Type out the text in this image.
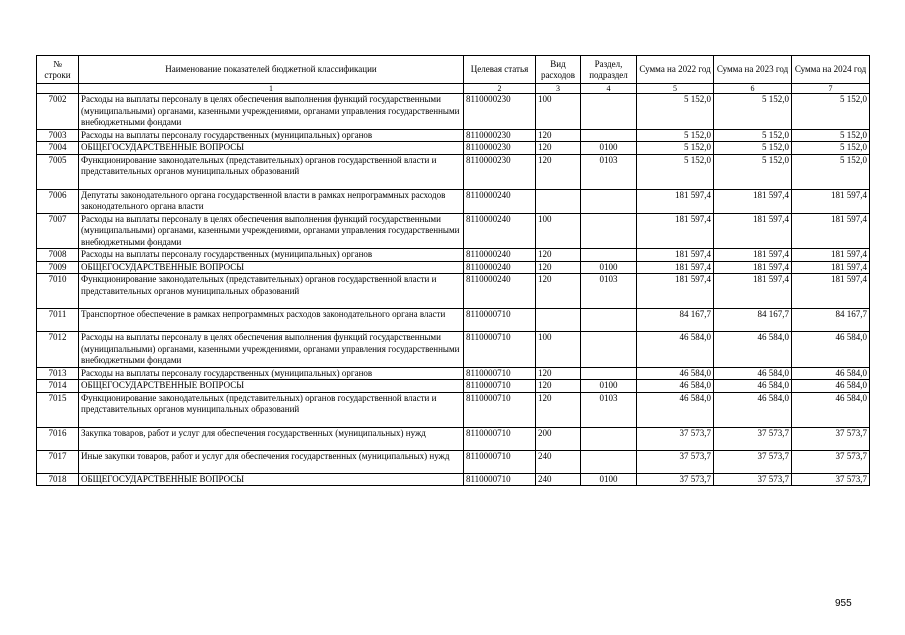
№ строки	Наименование показателей бюджетной классификации	Целевая статья	Вид расходов	Раздел, подраздел	Сумма на 2022 год	Сумма на 2023 год	Сумма на 2024 год
	1	2	3	4	5	6	7
7002	Расходы на выплаты персоналу в целях обеспечения выполнения функций государственными (муниципальными) органами, казенными учреждениями, органами управления государственными внебюджетными фондами	8110000230	100		5 152,0	5 152,0	5 152,0
7003	Расходы на выплаты персоналу государственных (муниципальных) органов	8110000230	120		5 152,0	5 152,0	5 152,0
7004	ОБЩЕГОСУДАРСТВЕННЫЕ ВОПРОСЫ	8110000230	120	0100	5 152,0	5 152,0	5 152,0
7005	Функционирование законодательных (представительных) органов государственной власти и представительных органов муниципальных образований	8110000230	120	0103	5 152,0	5 152,0	5 152,0
7006	Депутаты законодательного органа государственной власти в рамках непрограммных расходов законодательного органа власти	8110000240			181 597,4	181 597,4	181 597,4
7007	Расходы на выплаты персоналу в целях обеспечения выполнения функций государственными (муниципальными) органами, казенными учреждениями, органами управления государственными внебюджетными фондами	8110000240	100		181 597,4	181 597,4	181 597,4
7008	Расходы на выплаты персоналу государственных (муниципальных) органов	8110000240	120		181 597,4	181 597,4	181 597,4
7009	ОБЩЕГОСУДАРСТВЕННЫЕ ВОПРОСЫ	8110000240	120	0100	181 597,4	181 597,4	181 597,4
7010	Функционирование законодательных (представительных) органов государственной власти и представительных органов муниципальных образований	8110000240	120	0103	181 597,4	181 597,4	181 597,4
7011	Транспортное обеспечение в рамках непрограммных расходов законодательного органа власти	8110000710			84 167,7	84 167,7	84 167,7
7012	Расходы на выплаты персоналу в целях обеспечения выполнения функций государственными (муниципальными) органами, казенными учреждениями, органами управления государственными внебюджетными фондами	8110000710	100		46 584,0	46 584,0	46 584,0
7013	Расходы на выплаты персоналу государственных (муниципальных) органов	8110000710	120		46 584,0	46 584,0	46 584,0
7014	ОБЩЕГОСУДАРСТВЕННЫЕ ВОПРОСЫ	8110000710	120	0100	46 584,0	46 584,0	46 584,0
7015	Функционирование законодательных (представительных) органов государственной власти и представительных органов муниципальных образований	8110000710	120	0103	46 584,0	46 584,0	46 584,0
7016	Закупка товаров, работ и услуг для обеспечения государственных (муниципальных) нужд	8110000710	200		37 573,7	37 573,7	37 573,7
7017	Иные закупки товаров, работ и услуг для обеспечения государственных (муниципальных) нужд	8110000710	240		37 573,7	37 573,7	37 573,7
7018	ОБЩЕГОСУДАРСТВЕННЫЕ ВОПРОСЫ	8110000710	240	0100	37 573,7	37 573,7	37 573,7
955
